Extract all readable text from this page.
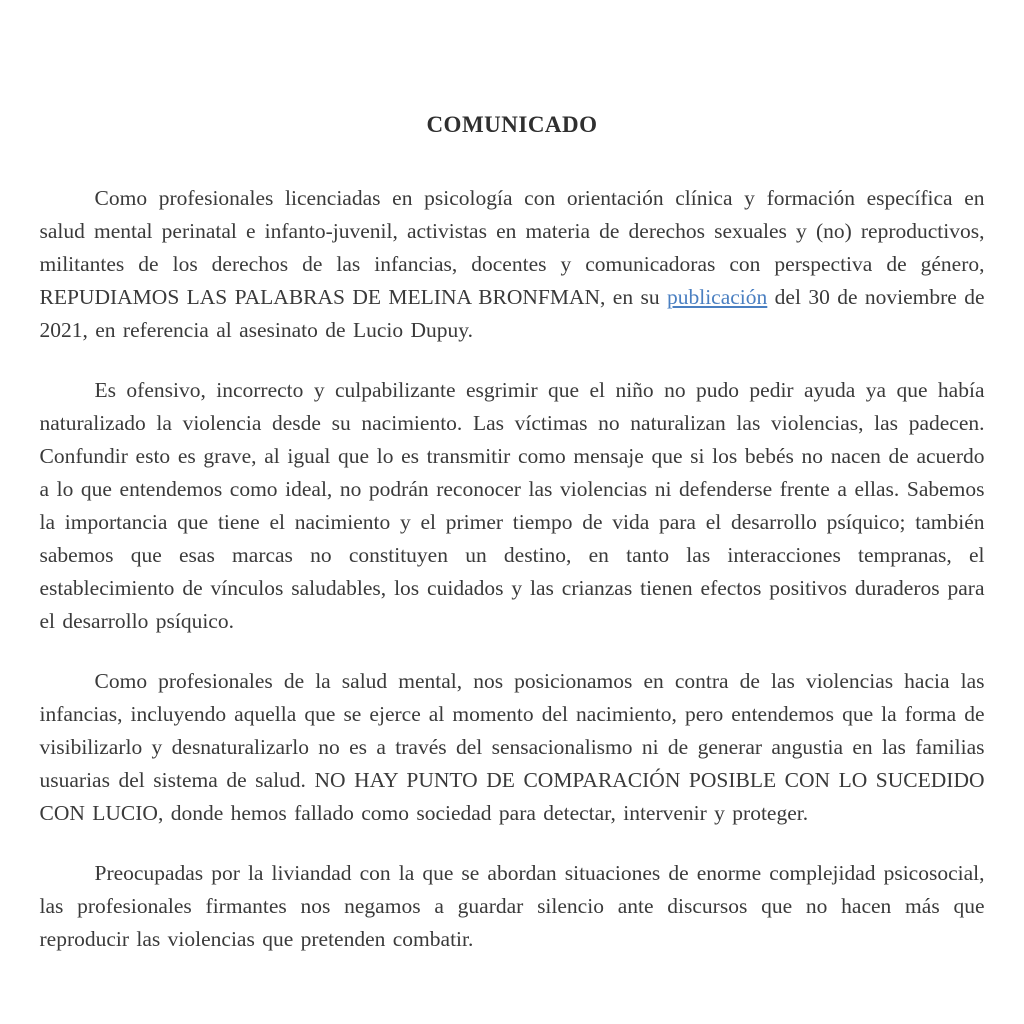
COMUNICADO

Como profesionales licenciadas en psicología con orientación clínica y formación específica en salud mental perinatal e infanto-juvenil, activistas en materia de derechos sexuales y (no) reproductivos, militantes de los derechos de las infancias, docentes y comunicadoras con perspectiva de género, REPUDIAMOS LAS PALABRAS DE MELINA BRONFMAN, en su publicación del 30 de noviembre de 2021, en referencia al asesinato de Lucio Dupuy.

Es ofensivo, incorrecto y culpabilizante esgrimir que el niño no pudo pedir ayuda ya que había naturalizado la violencia desde su nacimiento. Las víctimas no naturalizan las violencias, las padecen. Confundir esto es grave, al igual que lo es transmitir como mensaje que si los bebés no nacen de acuerdo a lo que entendemos como ideal, no podrán reconocer las violencias ni defenderse frente a ellas. Sabemos la importancia que tiene el nacimiento y el primer tiempo de vida para el desarrollo psíquico; también sabemos que esas marcas no constituyen un destino, en tanto las interacciones tempranas, el establecimiento de vínculos saludables, los cuidados y las crianzas tienen efectos positivos duraderos para el desarrollo psíquico.

Como profesionales de la salud mental, nos posicionamos en contra de las violencias hacia las infancias, incluyendo aquella que se ejerce al momento del nacimiento, pero entendemos que la forma de visibilizarlo y desnaturalizarlo no es a través del sensacionalismo ni de generar angustia en las familias usuarias del sistema de salud. NO HAY PUNTO DE COMPARACIÓN POSIBLE CON LO SUCEDIDO CON LUCIO, donde hemos fallado como sociedad para detectar, intervenir y proteger.

Preocupadas por la liviandad con la que se abordan situaciones de enorme complejidad psicosocial, las profesionales firmantes nos negamos a guardar silencio ante discursos que no hacen más que reproducir las violencias que pretenden combatir.
